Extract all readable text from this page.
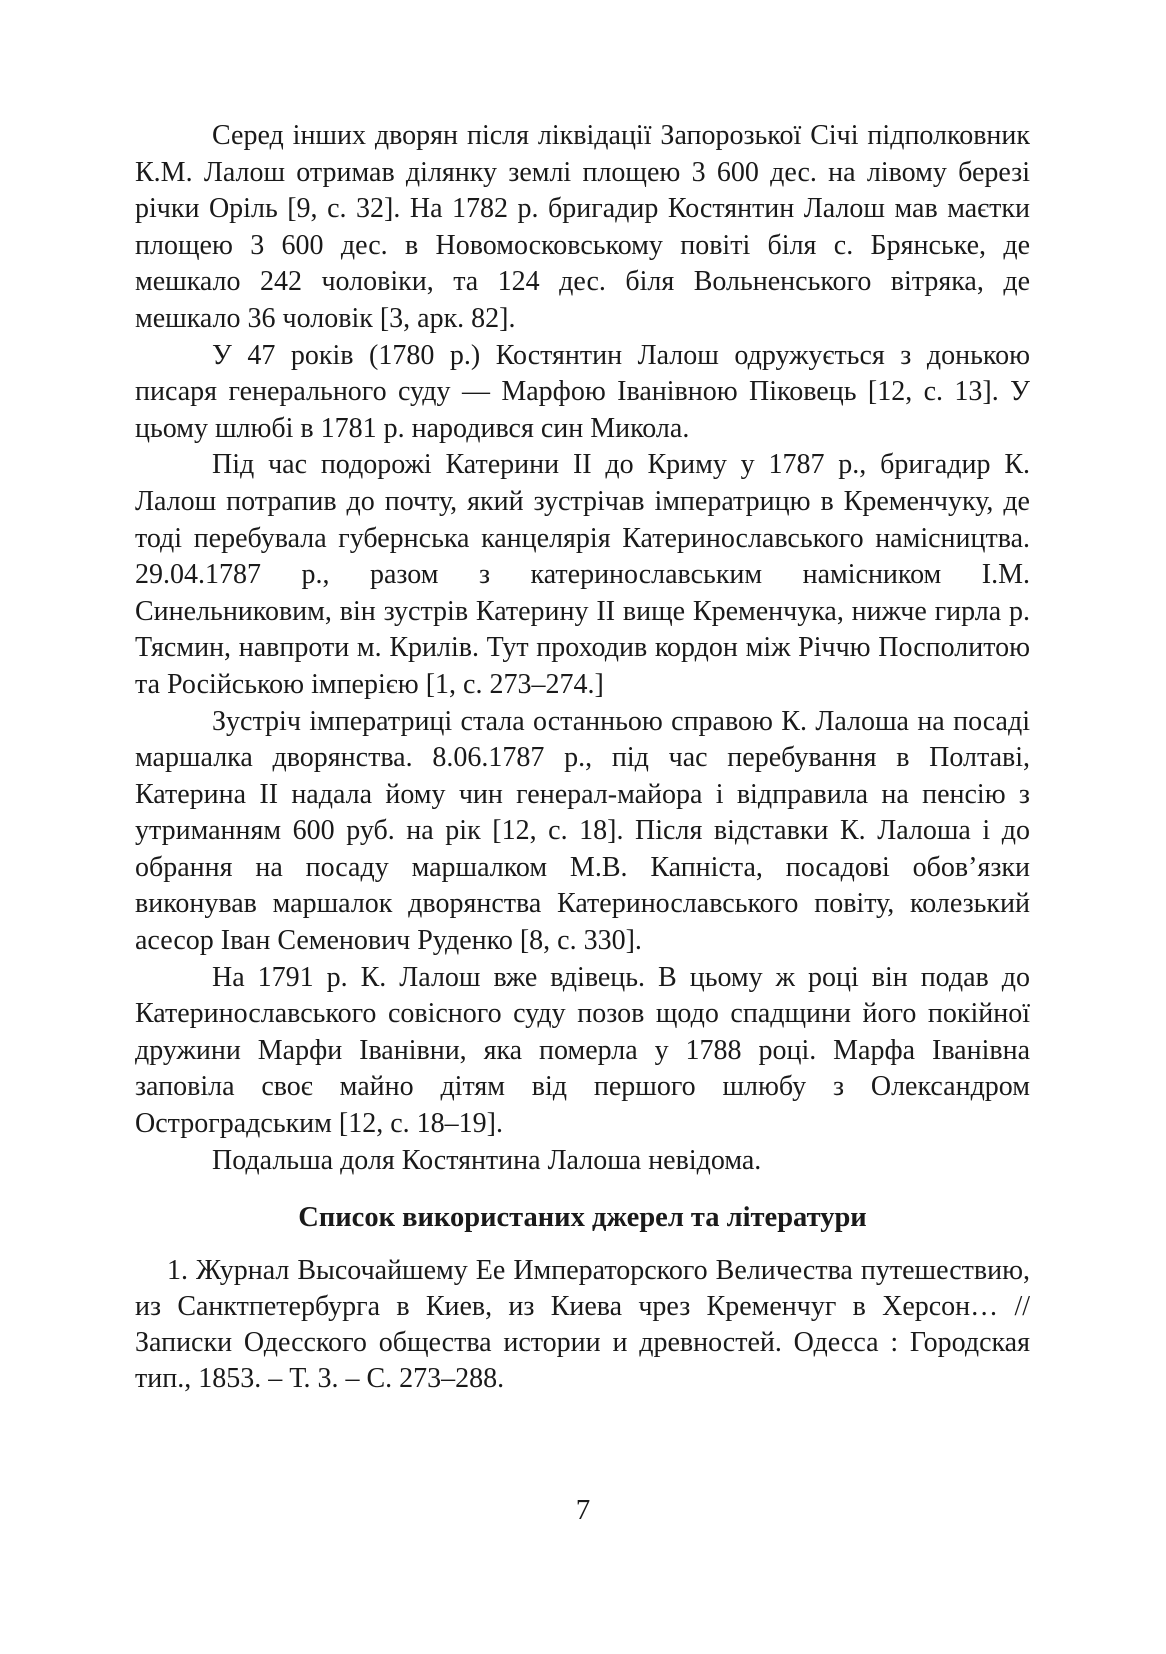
Серед інших дворян після ліквідації Запорозької Січі підполковник К.М. Лалош отримав ділянку землі площею 3 600 дес. на лівому березі річки Оріль [9, с. 32]. На 1782 р. бригадир Костянтин Лалош мав маєтки площею 3 600 дес. в Новомосковському повіті біля с. Брянське, де мешкало 242 чоловіки, та 124 дес. біля Вольненського вітряка, де мешкало 36 чоловік [3, арк. 82].

У 47 років (1780 р.) Костянтин Лалош одружується з донькою писаря генерального суду — Марфою Іванівною Піковець [12, с. 13]. У цьому шлюбі в 1781 р. народився син Микола.

Під час подорожі Катерини ІІ до Криму у 1787 р., бригадир К. Лалош потрапив до почту, який зустрічав імператрицю в Кременчуку, де тоді перебувала губернська канцелярія Катеринославського намісництва. 29.04.1787 р., разом з катеринославським намісником І.М. Синельниковим, він зустрів Катерину ІІ вище Кременчука, нижче гирла р. Тясмин, навпроти м. Крилів. Тут проходив кордон між Річчю Посполитою та Російською імперією [1, с. 273–274.]

Зустріч імператриці стала останньою справою К. Лалоша на посаді маршалка дворянства. 8.06.1787 р., під час перебування в Полтаві, Катерина ІІ надала йому чин генерал-майора і відправила на пенсію з утриманням 600 руб. на рік [12, с. 18]. Після відставки К. Лалоша і до обрання на посаду маршалком М.В. Капніста, посадові обов’язки виконував маршалок дворянства Катеринославського повіту, колезький асесор Іван Семенович Руденко [8, с. 330].

На 1791 р. К. Лалош вже вдівець. В цьому ж році він подав до Катеринославського совісного суду позов щодо спадщини його покійної дружини Марфи Іванівни, яка померла у 1788 році. Марфа Іванівна заповіла своє майно дітям від першого шлюбу з Олександром Остроградським [12, с. 18–19].

Подальша доля Костянтина Лалоша невідома.

Список використаних джерел та літератури

1. Журнал Высочайшему Ее Императорского Величества путешествию, из Санктпетербурга в Киев, из Киева чрез Кременчуг в Херсон… // Записки Одесского общества истории и древностей. Одесса : Городская тип., 1853. – Т. 3. – С. 273–288.

7
